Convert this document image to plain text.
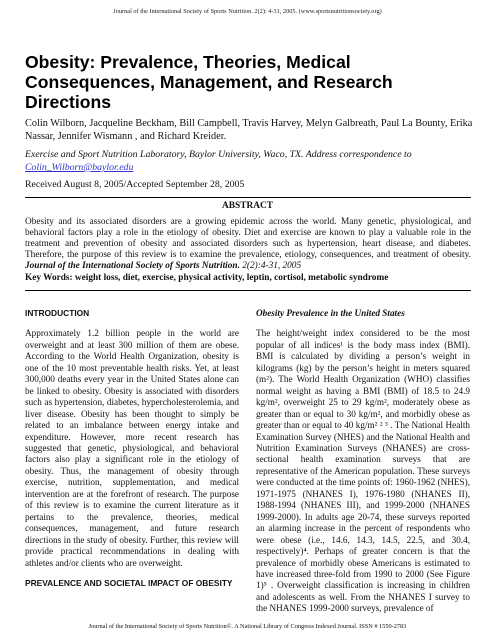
Journal of the International Society of Sports Nutrition. 2(2): 4-31, 2005. (www.sportsnutritionsociety.org)
Obesity: Prevalence, Theories, Medical Consequences, Management, and Research Directions
Colin Wilborn, Jacqueline Beckham, Bill Campbell, Travis Harvey, Melyn Galbreath, Paul La Bounty, Erika Nassar, Jennifer Wismann , and Richard Kreider.
Exercise and Sport Nutrition Laboratory, Baylor University, Waco, TX. Address correspondence to
Colin_Wilborn@baylor.edu
Received August 8, 2005/Accepted September 28, 2005
ABSTRACT
Obesity and its associated disorders are a growing epidemic across the world. Many genetic, physiological, and behavioral factors play a role in the etiology of obesity. Diet and exercise are known to play a valuable role in the treatment and prevention of obesity and associated disorders such as hypertension, heart disease, and diabetes. Therefore, the purpose of this review is to examine the prevalence, etiology, consequences, and treatment of obesity. Journal of the International Society of Sports Nutrition. 2(2):4-31, 2005
Key Words: weight loss, diet, exercise, physical activity, leptin, cortisol, metabolic syndrome
INTRODUCTION

Approximately 1.2 billion people in the world are overweight and at least 300 million of them are obese. According to the World Health Organization, obesity is one of the 10 most preventable health risks. Yet, at least 300,000 deaths every year in the United States alone can be linked to obesity. Obesity is associated with disorders such as hypertension, diabetes, hypercholesterolemia, and liver disease. Obesity has been thought to simply be related to an imbalance between energy intake and expenditure. However, more recent research has suggested that genetic, physiological, and behavioral factors also play a significant role in the etiology of obesity. Thus, the management of obesity through exercise, nutrition, supplementation, and medical intervention are at the forefront of research. The purpose of this review is to examine the current literature as it pertains to the prevalence, theories, medical consequences, management, and future research directions in the study of obesity. Further, this review will provide practical recommendations in dealing with athletes and/or clients who are overweight.

PREVALENCE AND SOCIETAL IMPACT OF OBESITY
Obesity Prevalence in the United States

The height/weight index considered to be the most popular of all indices¹ is the body mass index (BMI). BMI is calculated by dividing a person’s weight in kilograms (kg) by the person’s height in meters squared (m²). The World Health Organization (WHO) classifies normal weight as having a BMI (BMI) of 18.5 to 24.9 kg/m², overweight 25 to 29 kg/m², moderately obese as greater than or equal to 30 kg/m², and morbidly obese as greater than or equal to 40 kg/m² ² ³ . The National Health Examination Survey (NHES) and the National Health and Nutrition Examination Surveys (NHANES) are cross-sectional health examination surveys that are representative of the American population. These surveys were conducted at the time points of: 1960-1962 (NHES), 1971-1975 (NHANES I), 1976-1980 (NHANES II), 1988-1994 (NHANES III), and 1999-2000 (NHANES 1999-2000). In adults age 20-74, these surveys reported an alarming increase in the percent of respondents who were obese (i.e., 14.6, 14.3, 14.5, 22.5, and 30.4, respectively)⁴. Perhaps of greater concern is that the prevalence of morbidly obese Americans is estimated to have increased three-fold from 1990 to 2000 (See Figure 1)⁵ . Overweight classification is increasing in children and adolescents as well. From the NHANES I survey to the NHANES 1999-2000 surveys, prevalence of

Journal of the International Society of Sports Nutrition©. A National Library of Congress Indexed Journal. ISSN # 1550-2783
